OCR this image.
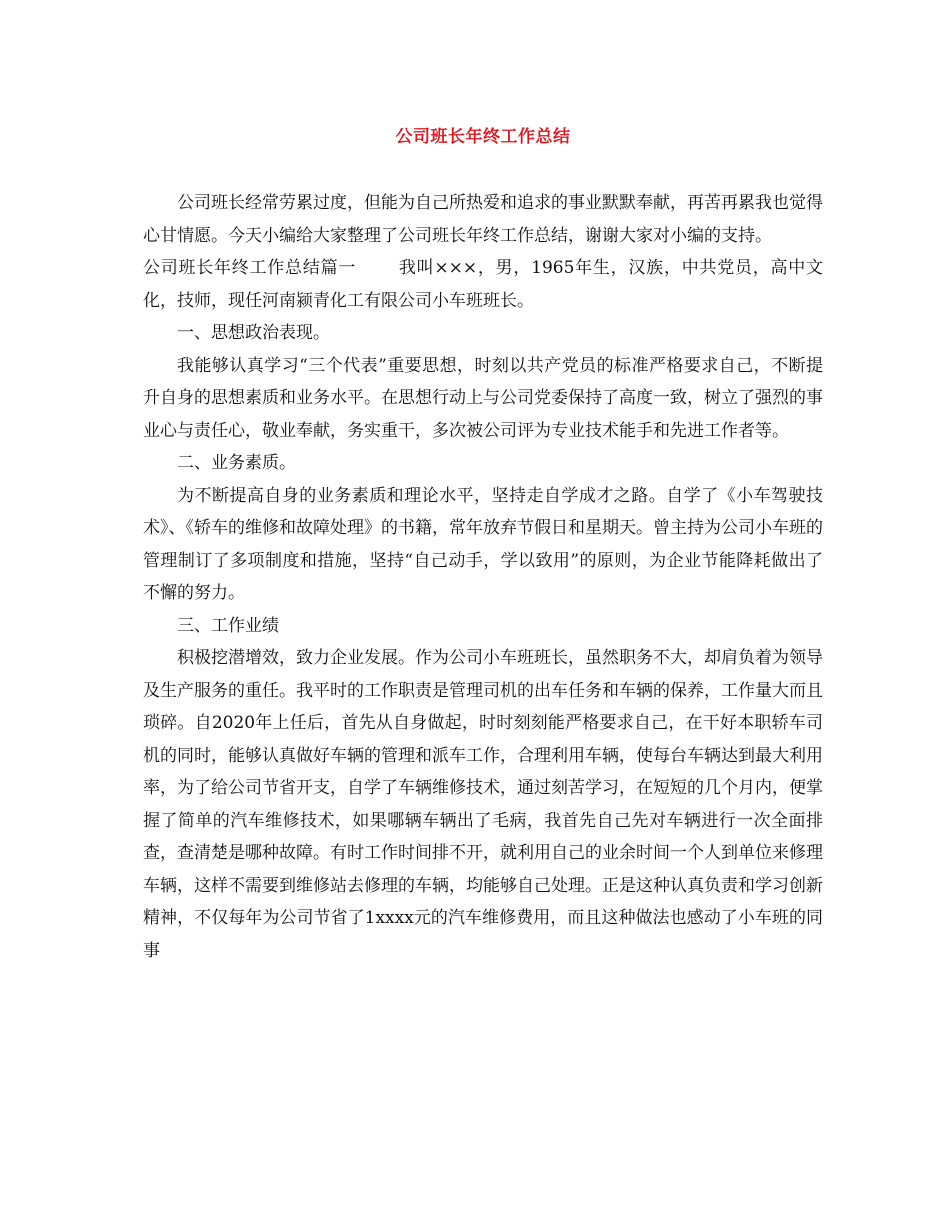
公司班长年终工作总结

公司班长经常劳累过度，但能为自己所热爱和追求的事业默默奉献，再苦再累我也觉得心甘情愿。今天小编给大家整理了公司班长年终工作总结，谢谢大家对小编的支持。

公司班长年终工作总结篇一 我叫×××，男，1965年生，汉族，中共党员，高中文化，技师，现任河南颍青化工有限公司小车班班长。

一、思想政治表现。

我能够认真学习“三个代表”重要思想，时刻以共产党员的标准严格要求自己，不断提升自身的思想素质和业务水平。在思想行动上与公司党委保持了高度一致，树立了强烈的事业心与责任心，敬业奉献，务实重干，多次被公司评为专业技术能手和先进工作者等。

二、业务素质。

为不断提高自身的业务素质和理论水平，坚持走自学成才之路。自学了《小车驾驶技术》、《轿车的维修和故障处理》的书籍，常年放弃节假日和星期天。曾主持为公司小车班的管理制订了多项制度和措施，坚持“自己动手，学以致用”的原则，为企业节能降耗做出了不懈的努力。

三、工作业绩

积极挖潜增效，致力企业发展。作为公司小车班班长，虽然职务不大，却肩负着为领导及生产服务的重任。我平时的工作职责是管理司机的出车任务和车辆的保养，工作量大而且琐碎。自2020年上任后，首先从自身做起，时时刻刻能严格要求自己，在干好本职轿车司机的同时，能够认真做好车辆的管理和派车工作，合理利用车辆，使每台车辆达到最大利用率，为了给公司节省开支，自学了车辆维修技术，通过刻苦学习，在短短的几个月内，便掌握了简单的汽车维修技术，如果哪辆车辆出了毛病，我首先自己先对车辆进行一次全面排查，查清楚是哪种故障。有时工作时间排不开，就利用自己的业余时间一个人到单位来修理车辆，这样不需要到维修站去修理的车辆，均能够自己处理。正是这种认真负责和学习创新精神，不仅每年为公司节省了1xxxx元的汽车维修费用，而且这种做法也感动了小车班的同事
